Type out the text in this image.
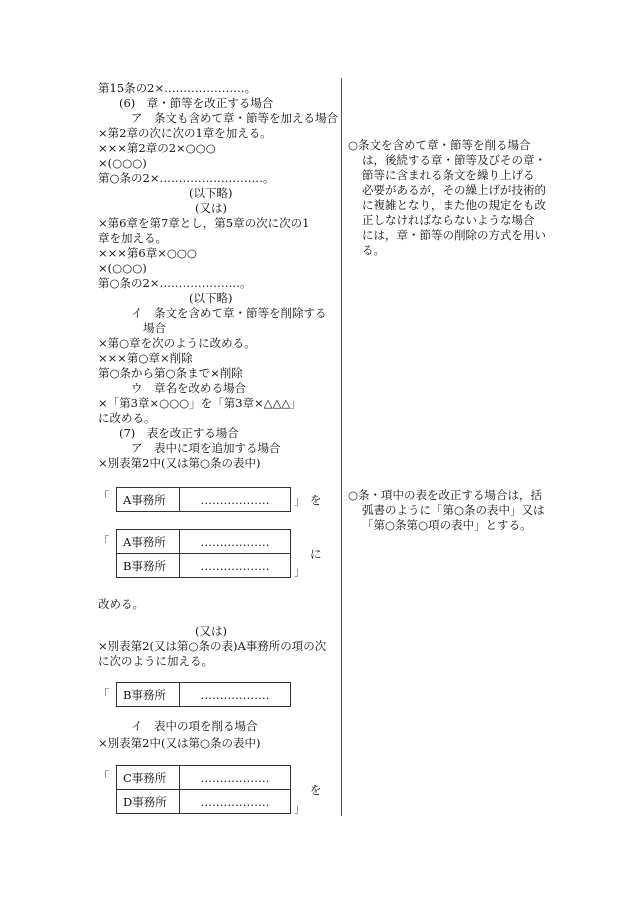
第15条の2×…………………。
(6)　章・節等を改正する場合
ア　条文も含めて章・節等を加える場合
×第2章の次に次の1章を加える。
×××第2章の2×○○○
×(○○○)
第○条の2×………………………。
(以下略)
(又は)
×第6章を第7章とし，第5章の次に次の1
章を加える。
×××第6章×○○○
×(○○○)
第○条の2×…………………。
(以下略)
イ　条文を含めて章・節等を削除する
場合
×第○章を次のように改める。
×××第○章×削除
第○条から第○条まで×削除
ウ　章名を改める場合
×「第3章×○○○」を「第3章×△△△」
に改める。
(7)　表を改正する場合
ア　表中に項を追加する場合
×別表第2中(又は第○条の表中)
「 A事務所	……………… 」 を
「 A事務所	………………
B事務所	……………… 」
に
改める。
(又は)
×別表第2(又は第○条の表)A事務所の項の次
に次のように加える。
「 B事務所	………………
イ　表中の項を削る場合
×別表第2中(又は第○条の表中)
「 C事務所	………………
D事務所	………………
を
」
○条文を含めて章・節等を削る場合
は，後続する章・節等及びその章・
節等に含まれる条文を繰り上げる
必要があるが，その繰上げが技術的
に複雑となり，また他の規定をも改
正しなければならないような場合
には，章・節等の削除の方式を用い
る。
○条・項中の表を改正する場合は，括
弧書のように「第○条の表中」又は
「第○条第○項の表中」とする。
